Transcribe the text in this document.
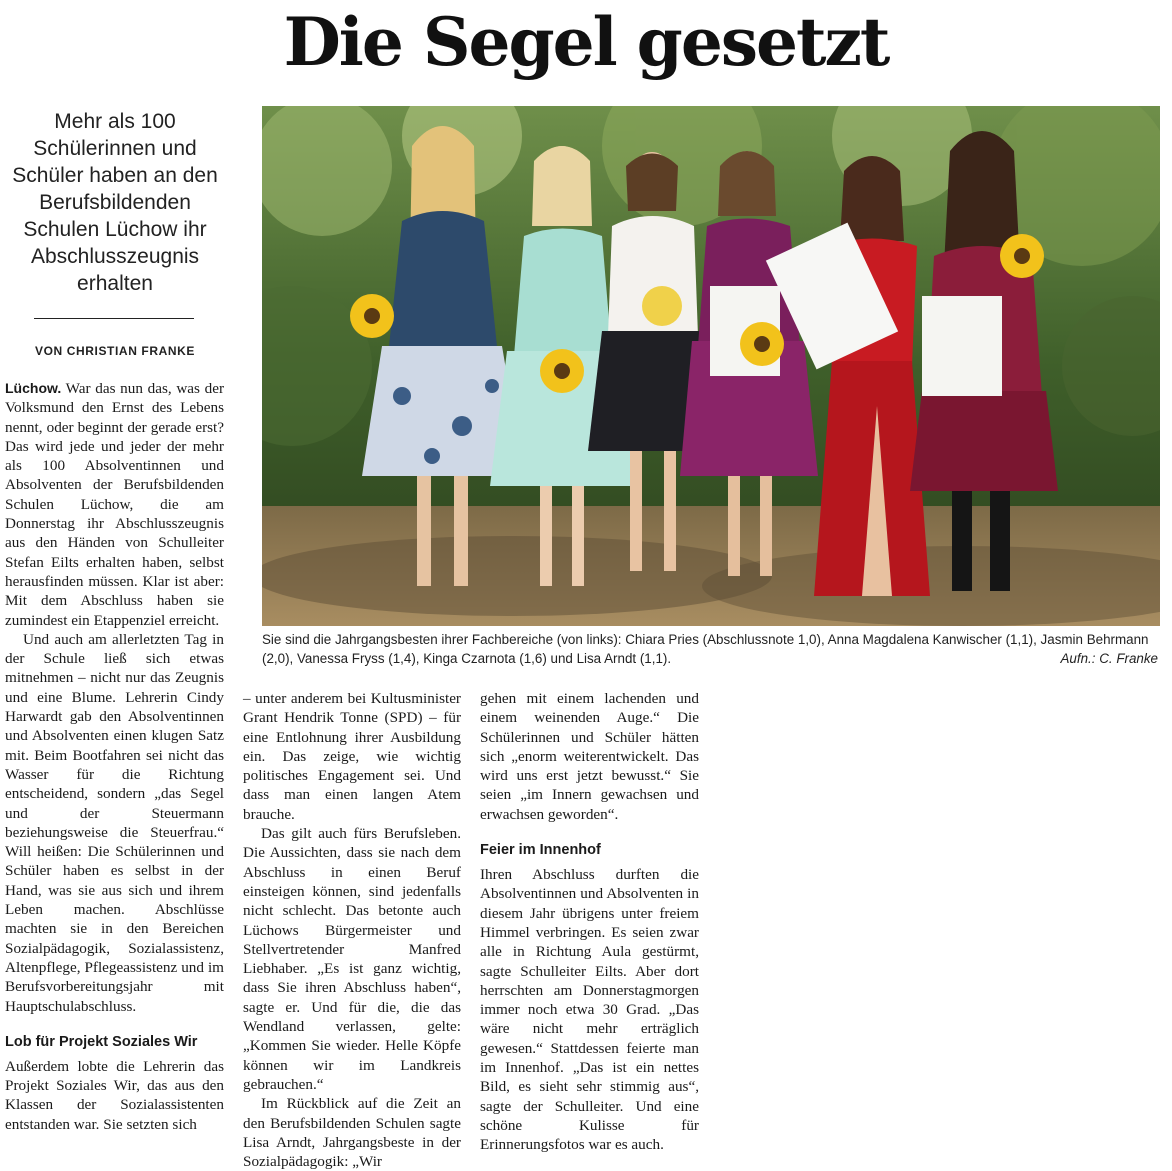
Die Segel gesetzt
Mehr als 100 Schülerinnen und Schüler haben an den Berufsbildenden Schulen Lüchow ihr Abschlusszeugnis erhalten
VON CHRISTIAN FRANKE

Lüchow. War das nun das, was der Volksmund den Ernst des Lebens nennt, oder beginnt der gerade erst? Das wird jede und jeder der mehr als 100 Absolventinnen und Absolventen der Berufsbildenden Schulen Lüchow, die am Donnerstag ihr Abschlusszeugnis aus den Händen von Schulleiter Stefan Eilts erhalten haben, selbst herausfinden müssen. Klar ist aber: Mit dem Abschluss haben sie zumindest ein Etappenziel erreicht.

Und auch am allerletzten Tag in der Schule ließ sich etwas mitnehmen – nicht nur das Zeugnis und eine Blume. Lehrerin Cindy Harwardt gab den Absolventinnen und Absolventen einen klugen Satz mit. Beim Bootfahren sei nicht das Wasser für die Richtung entscheidend, sondern „das Segel und der Steuermann beziehungsweise die Steuerfrau.“ Will heißen: Die Schülerinnen und Schüler haben es selbst in der Hand, was sie aus sich und ihrem Leben machen. Abschlüsse machten sie in den Bereichen Sozialpädagogik, Sozialassistenz, Altenpflege, Pflegeassistenz und im Berufsvorbereitungsjahr mit Hauptschulabschluss.

Lob für Projekt Soziales Wir

Außerdem lobte die Lehrerin das Projekt Soziales Wir, das aus den Klassen der Sozialassistenten entstanden war. Sie setzten sich

– unter anderem bei Kultusminister Grant Hendrik Tonne (SPD) – für eine Entlohnung ihrer Ausbildung ein. Das zeige, wie wichtig politisches Engagement sei. Und dass man einen langen Atem brauche.

Das gilt auch fürs Berufsleben. Die Aussichten, dass sie nach dem Abschluss in einen Beruf einsteigen können, sind jedenfalls nicht schlecht. Das betonte auch Lüchows Bürgermeister und Stellvertretender Manfred Liebhaber. „Es ist ganz wichtig, dass Sie ihren Abschluss haben“, sagte er. Und für die, die das Wendland verlassen, gelte: „Kommen Sie wieder. Helle Köpfe können wir im Landkreis gebrauchen.“

Im Rückblick auf die Zeit an den Berufsbildenden Schulen sagte Lisa Arndt, Jahrgangsbeste in der Sozialpädagogik: „Wir

gehen mit einem lachenden und einem weinenden Auge.“ Die Schülerinnen und Schüler hätten sich „enorm weiterentwickelt. Das wird uns erst jetzt bewusst.“ Sie seien „im Innern gewachsen und erwachsen geworden“.

Feier im Innenhof

Ihren Abschluss durften die Absolventinnen und Absolventen in diesem Jahr übrigens unter freiem Himmel verbringen. Es seien zwar alle in Richtung Aula gestürmt, sagte Schulleiter Eilts. Aber dort herrschten am Donnerstagmorgen immer noch etwa 30 Grad. „Das wäre nicht mehr erträglich gewesen.“ Stattdessen feierte man im Innenhof. „Das ist ein nettes Bild, es sieht sehr stimmig aus“, sagte der Schulleiter. Und eine schöne Kulisse für Erinnerungsfotos war es auch.

Sie sind die Jahrgangsbesten ihrer Fachbereiche (von links): Chiara Pries (Abschlussnote 1,0), Anna Magdalena Kanwischer (1,1), Jasmin Behrmann (2,0), Vanessa Fryss (1,4), Kinga Czarnota (1,6) und Lisa Arndt (1,1).	Aufn.: C. Franke
